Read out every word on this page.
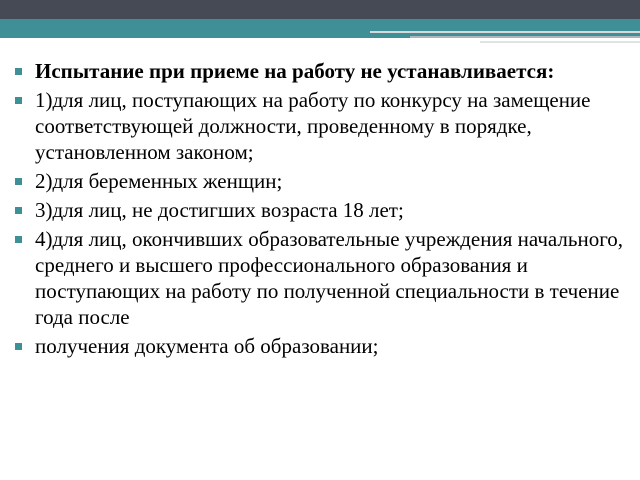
Испытание при приеме на работу не устанавливается:
1)для лиц, поступающих на работу по конкурсу на замещение соответствующей должности, проведенному в порядке, установленном законом;
2)для беременных женщин;
3)для лиц, не достигших возраста 18 лет;
4)для лиц, окончивших образовательные учреждения начального, среднего и высшего профессионального образования и поступающих на работу по полученной специальности в течение года после
получения документа об образовании;
